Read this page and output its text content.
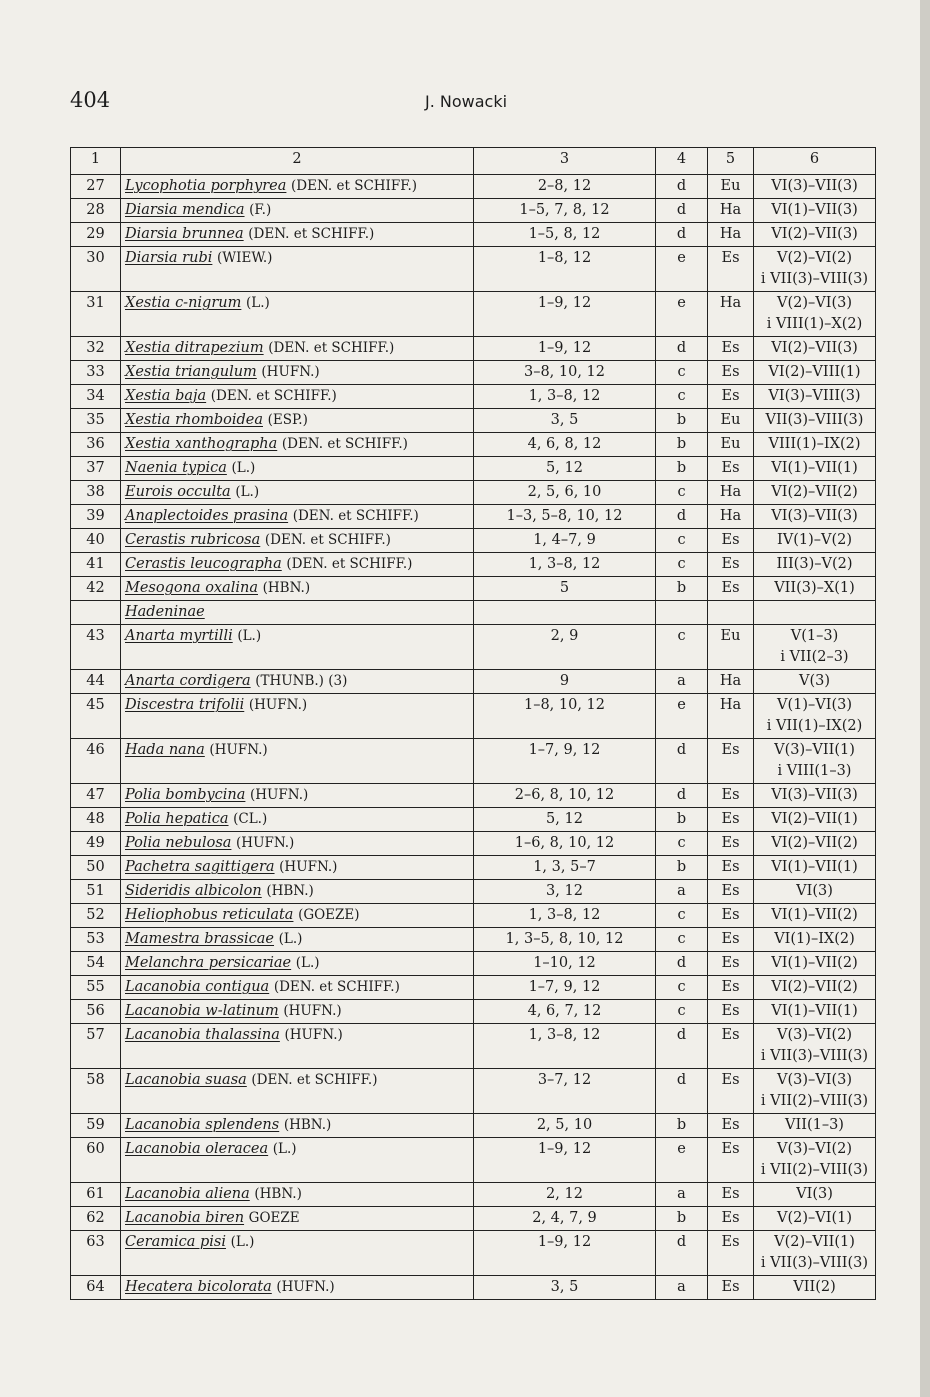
404	J. Nowacki
1	2	3	4	5	6
27	Lycophotia porphyrea (DEN. et SCHIFF.)	2–8, 12	d	Eu	VI(3)–VII(3)

28	Diarsia mendica (F.)	1–5, 7, 8, 12	d	Ha	VI(1)–VII(3)

29	Diarsia brunnea (DEN. et SCHIFF.)	1–5, 8, 12	d	Ha	VI(2)–VII(3)

30	Diarsia rubi (WIEW.)	1–8, 12	e	Es	V(2)–VI(2)
i VII(3)–VIII(3)

31	Xestia c-nigrum (L.)	1–9, 12	e	Ha	V(2)–VI(3)
i VIII(1)–X(2)

32	Xestia ditrapezium (DEN. et SCHIFF.)	1–9, 12	d	Es	VI(2)–VII(3)

33	Xestia triangulum (HUFN.)	3–8, 10, 12	c	Es	VI(2)–VIII(1)

34	Xestia baja (DEN. et SCHIFF.)	1, 3–8, 12	c	Es	VI(3)–VIII(3)

35	Xestia rhomboidea (ESP.)	3, 5	b	Eu	VII(3)–VIII(3)

36	Xestia xanthographa (DEN. et SCHIFF.)	4, 6, 8, 12	b	Eu	VIII(1)–IX(2)

37	Naenia typica (L.)	5, 12	b	Es	VI(1)–VII(1)

38	Eurois occulta (L.)	2, 5, 6, 10	c	Ha	VI(2)–VII(2)

39	Anaplectoides prasina (DEN. et SCHIFF.)	1–3, 5–8, 10, 12	d	Ha	VI(3)–VII(3)

40	Cerastis rubricosa (DEN. et SCHIFF.)	1, 4–7, 9	c	Es	IV(1)–V(2)

41	Cerastis leucographa (DEN. et SCHIFF.)	1, 3–8, 12	c	Es	III(3)–V(2)

42	Mesogona oxalina (HBN.)	5	b	Es	VII(3)–X(1)

	Hadeninae				

43	Anarta myrtilli (L.)	2, 9	c	Eu	V(1–3)
i VII(2–3)

44	Anarta cordigera (THUNB.) (3)	9	a	Ha	V(3)

45	Discestra trifolii (HUFN.)	1–8, 10, 12	e	Ha	V(1)–VI(3)
i VII(1)–IX(2)

46	Hada nana (HUFN.)	1–7, 9, 12	d	Es	V(3)–VII(1)
i VIII(1–3)

47	Polia bombycina (HUFN.)	2–6, 8, 10, 12	d	Es	VI(3)–VII(3)

48	Polia hepatica (CL.)	5, 12	b	Es	VI(2)–VII(1)

49	Polia nebulosa (HUFN.)	1–6, 8, 10, 12	c	Es	VI(2)–VII(2)

50	Pachetra sagittigera (HUFN.)	1, 3, 5–7	b	Es	VI(1)–VII(1)

51	Sideridis albicolon (HBN.)	3, 12	a	Es	VI(3)

52	Heliophobus reticulata (GOEZE)	1, 3–8, 12	c	Es	VI(1)–VII(2)

53	Mamestra brassicae (L.)	1, 3–5, 8, 10, 12	c	Es	VI(1)–IX(2)

54	Melanchra persicariae (L.)	1–10, 12	d	Es	VI(1)–VII(2)

55	Lacanobia contigua (DEN. et SCHIFF.)	1–7, 9, 12	c	Es	VI(2)–VII(2)

56	Lacanobia w-latinum (HUFN.)	4, 6, 7, 12	c	Es	VI(1)–VII(1)

57	Lacanobia thalassina (HUFN.)	1, 3–8, 12	d	Es	V(3)–VI(2)
i VII(3)–VIII(3)

58	Lacanobia suasa (DEN. et SCHIFF.)	3–7, 12	d	Es	V(3)–VI(3)
i VII(2)–VIII(3)

59	Lacanobia splendens (HBN.)	2, 5, 10	b	Es	VII(1–3)

60	Lacanobia oleracea (L.)	1–9, 12	e	Es	V(3)–VI(2)
i VII(2)–VIII(3)

61	Lacanobia aliena (HBN.)	2, 12	a	Es	VI(3)

62	Lacanobia biren GOEZE	2, 4, 7, 9	b	Es	V(2)–VI(1)

63	Ceramica pisi (L.)	1–9, 12	d	Es	V(2)–VII(1)
i VII(3)–VIII(3)

64	Hecatera bicolorata (HUFN.)	3, 5	a	Es	VII(2)
